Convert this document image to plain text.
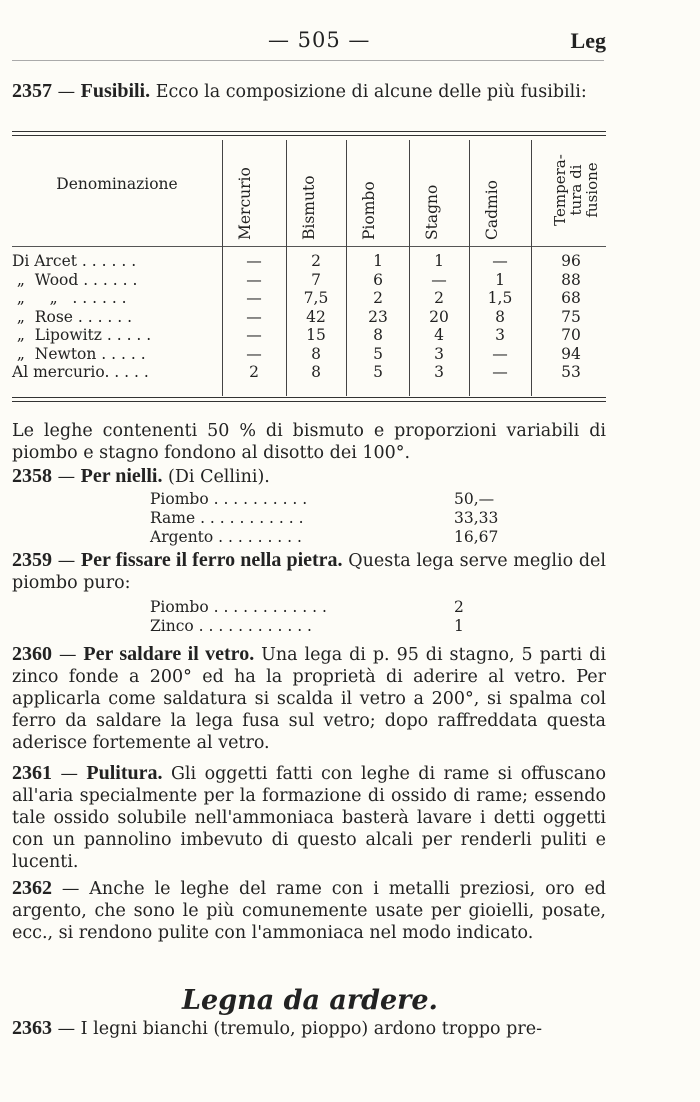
— 505 —	Leg
2357 — Fusibili. Ecco la composizione di alcune delle più fusibili:
Denominazione	Mercurio	Bismuto	Piombo	Stagno	Cadmio	Tempera-tura di fusione
Di Arcet . . . . . .	—	2	1	1	—	96
„  Wood . . . . . .	—	7	6	—	1	88
„     „   . . . . . .	—	7,5	2	2	1,5	68
„  Rose . . . . . .	—	42	23	20	8	75
„  Lipowitz . . . . .	—	15	8	4	3	70
„  Newton . . . . .	—	8	5	3	—	94
Al mercurio. . . . .	2	8	5	3	—	53
Le leghe contenenti 50 % di bismuto e proporzioni variabili di piombo e stagno fondono al disotto dei 100°.
2358 — Per nielli. (Di Cellini).
Piombo . . . . . . . . . .	50,—
Rame . . . . . . . . . . .	33,33
Argento . . . . . . . . .	16,67
2359 — Per fissare il ferro nella pietra. Questa lega serve meglio del piombo puro:
Piombo . . . . . . . . . . . .	2
Zinco . . . . . . . . . . . .	1
2360 — Per saldare il vetro. Una lega di p. 95 di stagno, 5 parti di zinco fonde a 200° ed ha la proprietà di aderire al vetro. Per applicarla come saldatura si scalda il vetro a 200°, si spalma col ferro da saldare la lega fusa sul vetro; dopo raffreddata questa aderisce fortemente al vetro.
2361 — Pulitura. Gli oggetti fatti con leghe di rame si offuscano all'aria specialmente per la formazione di ossido di rame; essendo tale ossido solubile nell'ammoniaca basterà lavare i detti oggetti con un pannolino imbevuto di questo alcali per renderli puliti e lucenti.
2362 — Anche le leghe del rame con i metalli preziosi, oro ed argento, che sono le più comunemente usate per gioielli, posate, ecc., si rendono pulite con l'ammoniaca nel modo indicato.
Legna da ardere.
2363 — I legni bianchi (tremulo, pioppo) ardono troppo pre-
